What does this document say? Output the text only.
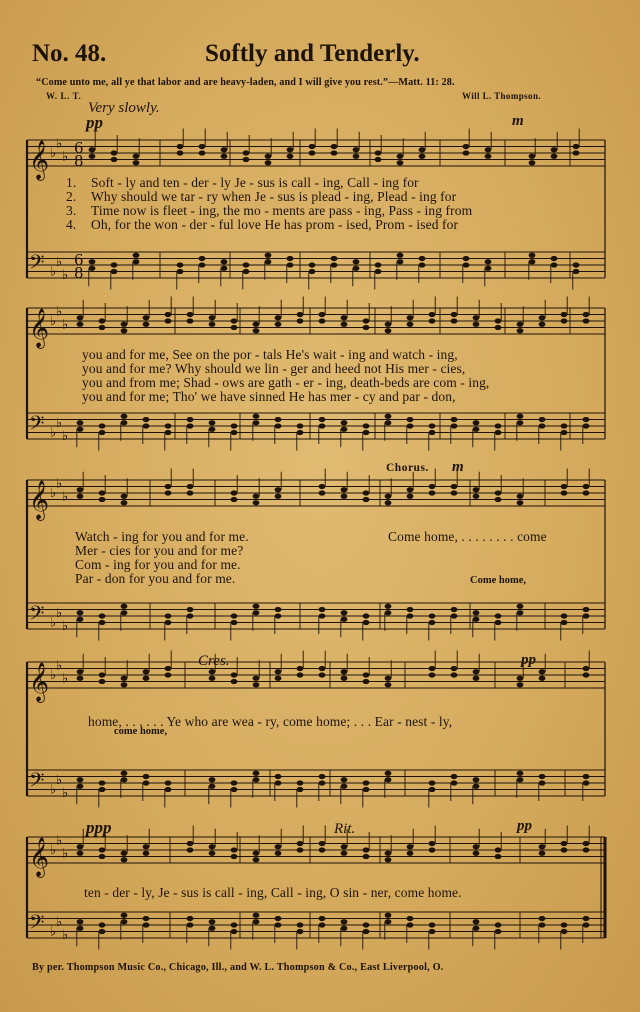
𝄞
𝄢
♭
♭
♭
♭
♭
♭
6
8
6
8
𝄞
𝄢
♭
♭
♭
♭
♭
♭
𝄞
𝄢
♭
♭
♭
♭
♭
♭
𝄞
𝄢
♭
♭
♭
♭
♭
♭
𝄞
𝄢
♭
♭
♭
♭
♭
♭
No. 48.	Softly and Tenderly.
“Come unto me, all ye that labor and are heavy-laden, and I will give you rest.”—Matt. 11: 28.
W. L. T.	Will L. Thompson.
Very slowly.
pp	m
1.
2.
3.
4.
Soft - ly and ten - der - ly Je - sus is call - ing, Call - ing for
Why should we tar - ry when Je - sus is plead - ing, Plead - ing for
Time now is fleet - ing, the mo - ments are pass - ing, Pass - ing from
Oh, for the won - der - ful love He has prom - ised, Prom - ised for
you and for me, See on the por - tals He's wait - ing and watch - ing,
you and for me? Why should we lin - ger and heed not His mer - cies,
you and from me; Shad - ows are gath - er - ing, death-beds are com - ing,
you and for me; Tho' we have sinned He has mer - cy and par - don,
Chorus. m
Watch - ing for you and for me.
Mer - cies for you and for me?
Com - ing for you and for me.
Par - don for you and for me.
Come home, . . . . . . . . come
Come home,
Cres.	pp
home, . . . . . . Ye who are wea - ry, come home; . . . Ear - nest - ly,
come home,
ppp	Rit.	pp
ten - der - ly, Je - sus is call - ing, Call - ing, O sin - ner, come home.
By per. Thompson Music Co., Chicago, Ill., and W. L. Thompson & Co., East Liverpool, O.
